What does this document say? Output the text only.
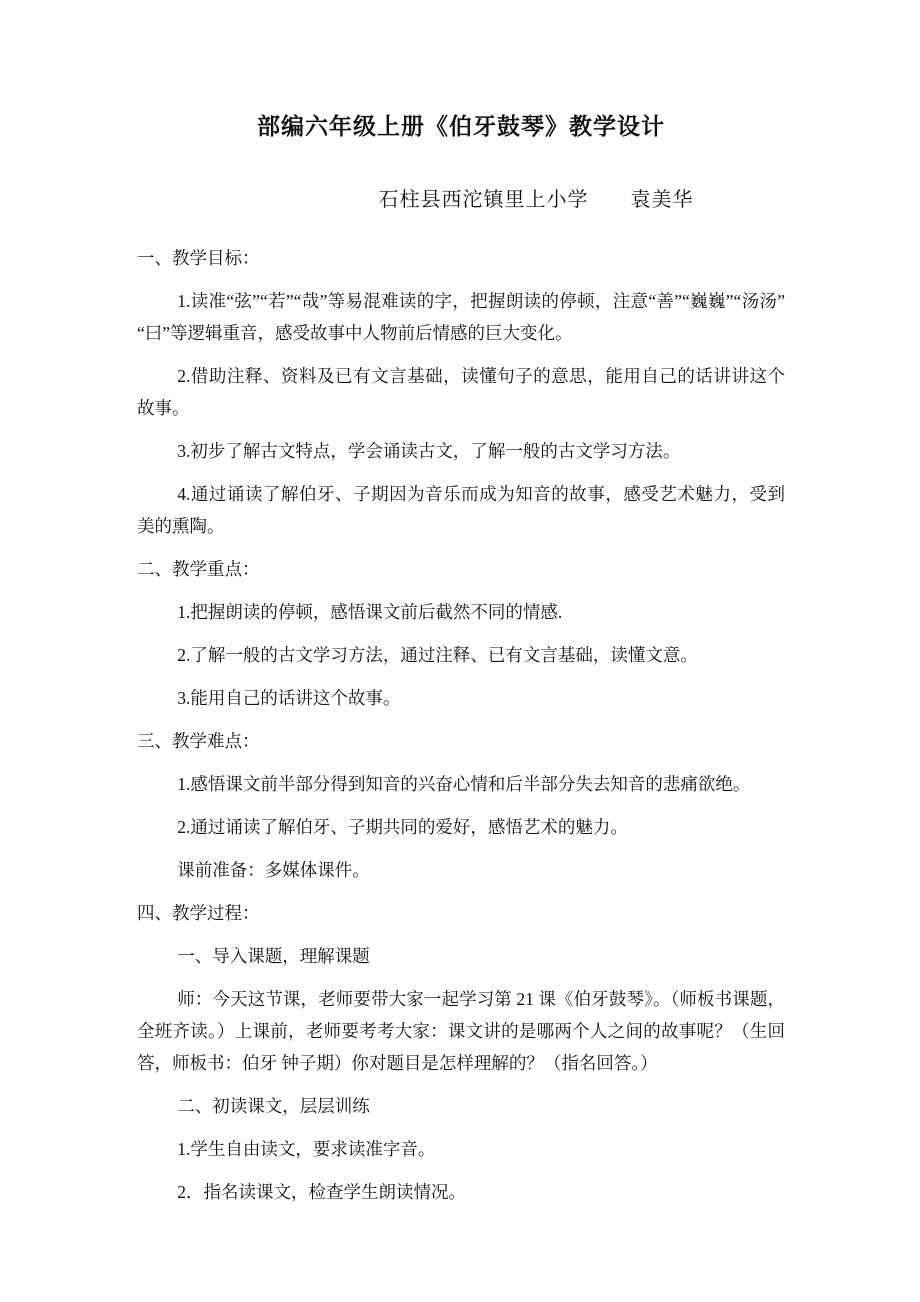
部编六年级上册《伯牙鼓琴》教学设计
石柱县西沱镇里上小学 袁美华

一、教学目标：

1.读准“弦”“若”“哉”等易混难读的字，把握朗读的停顿，注意“善”“巍巍”“汤汤”“曰”等逻辑重音，感受故事中人物前后情感的巨大变化。

2.借助注释、资料及已有文言基础，读懂句子的意思，能用自己的话讲讲这个故事。

3.初步了解古文特点，学会诵读古文，了解一般的古文学习方法。

4.通过诵读了解伯牙、子期因为音乐而成为知音的故事，感受艺术魅力，受到美的熏陶。

二、教学重点：

1.把握朗读的停顿，感悟课文前后截然不同的情感.

2.了解一般的古文学习方法，通过注释、已有文言基础，读懂文意。

3.能用自己的话讲这个故事。

三、教学难点：

1.感悟课文前半部分得到知音的兴奋心情和后半部分失去知音的悲痛欲绝。

2.通过诵读了解伯牙、子期共同的爱好，感悟艺术的魅力。

课前准备：多媒体课件。

四、教学过程：

一、导入课题，理解课题

师：今天这节课，老师要带大家一起学习第 21 课《伯牙鼓琴》。（师板书课题，全班齐读。）上课前，老师要考考大家：课文讲的是哪两个人之间的故事呢？（生回答，师板书：伯牙 钟子期）你对题目是怎样理解的？（指名回答。）

二、初读课文，层层训练

1.学生自由读文，要求读准字音。

2．指名读课文，检查学生朗读情况。
